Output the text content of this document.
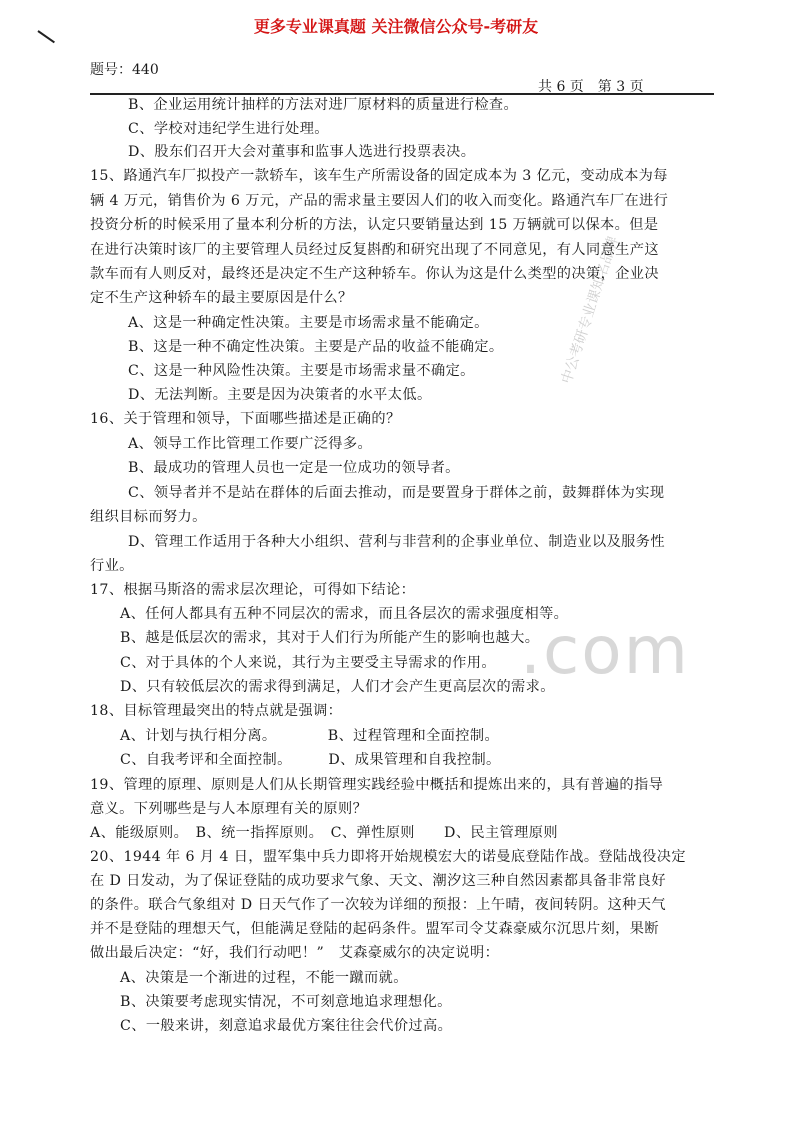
更多专业课真题 关注微信公众号-考研友
题号：440
共 6 页　第 3 页
.com
中公考研专业课知名品牌
B、企业运用统计抽样的方法对进厂原材料的质量进行检查。
C、学校对违纪学生进行处理。
D、股东们召开大会对董事和监事人选进行投票表决。
15、路通汽车厂拟投产一款轿车，该车生产所需设备的固定成本为 3 亿元，变动成本为每
辆 4 万元，销售价为 6 万元，产品的需求量主要因人们的收入而变化。路通汽车厂在进行
投资分析的时候采用了量本利分析的方法，认定只要销量达到 15 万辆就可以保本。但是
在进行决策时该厂的主要管理人员经过反复斟酌和研究出现了不同意见，有人同意生产这
款车而有人则反对，最终还是决定不生产这种轿车。你认为这是什么类型的决策，企业决
定不生产这种轿车的最主要原因是什么？
A、这是一种确定性决策。主要是市场需求量不能确定。
B、这是一种不确定性决策。主要是产品的收益不能确定。
C、这是一种风险性决策。主要是市场需求量不确定。
D、无法判断。主要是因为决策者的水平太低。
16、关于管理和领导，下面哪些描述是正确的？
A、领导工作比管理工作要广泛得多。
B、最成功的管理人员也一定是一位成功的领导者。
C、领导者并不是站在群体的后面去推动，而是要置身于群体之前，鼓舞群体为实现
组织目标而努力。
D、管理工作适用于各种大小组织、营利与非营利的企事业单位、制造业以及服务性
行业。
17、根据马斯洛的需求层次理论，可得如下结论：
A、任何人都具有五种不同层次的需求，而且各层次的需求强度相等。
B、越是低层次的需求，其对于人们行为所能产生的影响也越大。
C、对于具体的个人来说，其行为主要受主导需求的作用。
D、只有较低层次的需求得到满足，人们才会产生更高层次的需求。
18、目标管理最突出的特点就是强调：
A、计划与执行相分离。　　　　B、过程管理和全面控制。
C、自我考评和全面控制。　　　D、成果管理和自我控制。
19、管理的原理、原则是人们从长期管理实践经验中概括和提炼出来的，具有普遍的指导
意义。下列哪些是与人本原理有关的原则？
A、能级原则。　B、统一指挥原则。　C、弹性原则　　D、民主管理原则
20、1944 年 6 月 4 日，盟军集中兵力即将开始规模宏大的诺曼底登陆作战。登陆战役决定
在 D 日发动，为了保证登陆的成功要求气象、天文、潮汐这三种自然因素都具备非常良好
的条件。联合气象组对 D 日天气作了一次较为详细的预报：上午晴，夜间转阴。这种天气
并不是登陆的理想天气，但能满足登陆的起码条件。盟军司令艾森豪威尔沉思片刻，果断
做出最后决定：“好，我们行动吧！”　艾森豪威尔的决定说明：
A、决策是一个渐进的过程，不能一蹴而就。
B、决策要考虑现实情况，不可刻意地追求理想化。
C、一般来讲，刻意追求最优方案往往会代价过高。
